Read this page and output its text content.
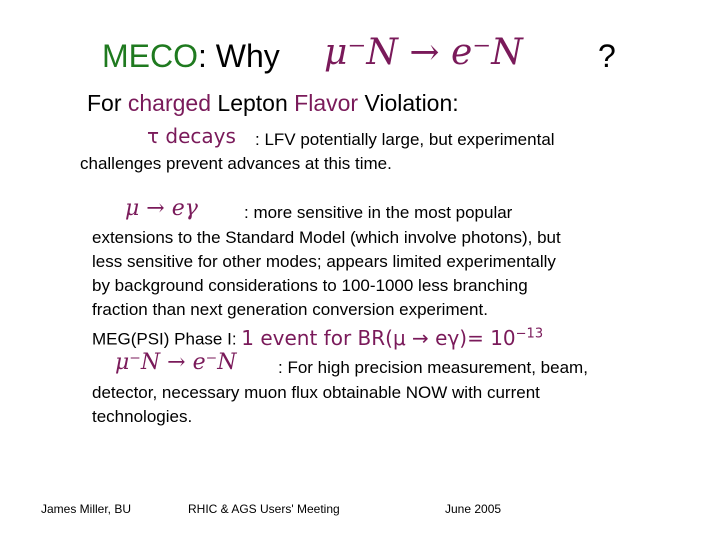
MECO: Why μ⁻N → e⁻N ?
For charged Lepton Flavor Violation:
τ decays : LFV potentially large, but experimental
challenges prevent advances at this time.
μ → eγ	: more sensitive in the most popular
extensions to the Standard Model (which involve photons), but
less sensitive for other modes; appears limited experimentally
by background considerations to 100-1000 less branching
fraction than next generation conversion experiment.
MEG(PSI) Phase I: 1 event for $BR(\mu \to e\gamma)= 10^{-13}$
μ⁻N → e⁻N : For high precision measurement, beam,
detector, necessary muon flux obtainable NOW with current
technologies.
James Miller, BU	RHIC & AGS Users' Meeting	June 2005
